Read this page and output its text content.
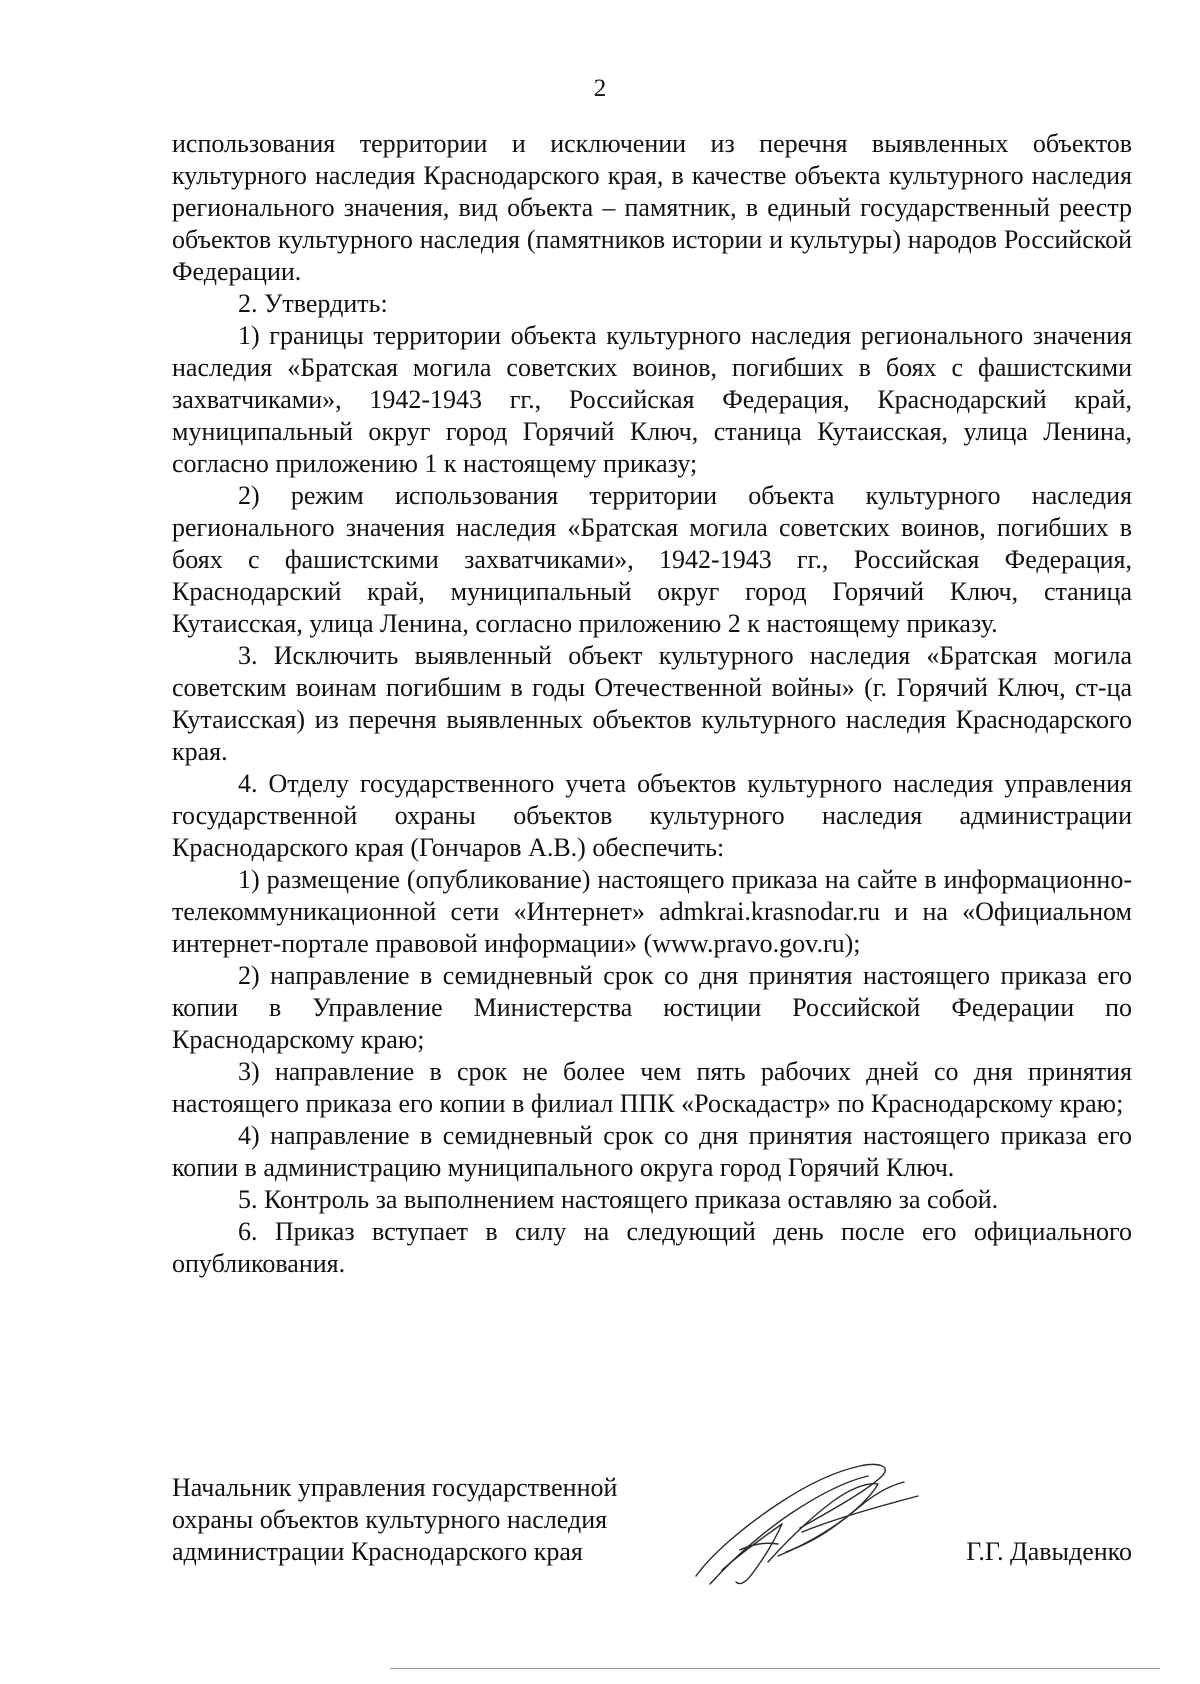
2

использования территории и исключении из перечня выявленных объектов культурного наследия Краснодарского края, в качестве объекта культурного наследия регионального значения, вид объекта – памятник, в единый государственный реестр объектов культурного наследия (памятников истории и культуры) народов Российской Федерации.

2. Утвердить:

1) границы территории объекта культурного наследия регионального значения наследия «Братская могила советских воинов, погибших в боях с фашистскими захватчиками», 1942-1943 гг., Российская Федерация, Краснодарский край, муниципальный округ город Горячий Ключ, станица Кутаисская, улица Ленина, согласно приложению 1 к настоящему приказу;

2) режим использования территории объекта культурного наследия регионального значения наследия «Братская могила советских воинов, погибших в боях с фашистскими захватчиками», 1942-1943 гг., Российская Федерация, Краснодарский край, муниципальный округ город Горячий Ключ, станица Кутаисская, улица Ленина, согласно приложению 2 к настоящему приказу.

3. Исключить выявленный объект культурного наследия «Братская могила советским воинам погибшим в годы Отечественной войны» (г. Горячий Ключ, ст-ца Кутаисская) из перечня выявленных объектов культурного наследия Краснодарского края.

4. Отделу государственного учета объектов культурного наследия управления государственной охраны объектов культурного наследия администрации Краснодарского края (Гончаров А.В.) обеспечить:

1) размещение (опубликование) настоящего приказа на сайте в информационно-телекоммуникационной сети «Интернет» admkrai.krasnodar.ru и на «Официальном интернет-портале правовой информации» (www.pravo.gov.ru);

2) направление в семидневный срок со дня принятия настоящего приказа его копии в Управление Министерства юстиции Российской Федерации по Краснодарскому краю;

3) направление в срок не более чем пять рабочих дней со дня принятия настоящего приказа его копии в филиал ППК «Роскадастр» по Краснодарскому краю;

4) направление в семидневный срок со дня принятия настоящего приказа его копии в администрацию муниципального округа город Горячий Ключ.

5. Контроль за выполнением настоящего приказа оставляю за собой.

6. Приказ вступает в силу на следующий день после его официального опубликования.

Начальник управления государственной
охраны объектов культурного наследия
администрации Краснодарского края	Г.Г. Давыденко
